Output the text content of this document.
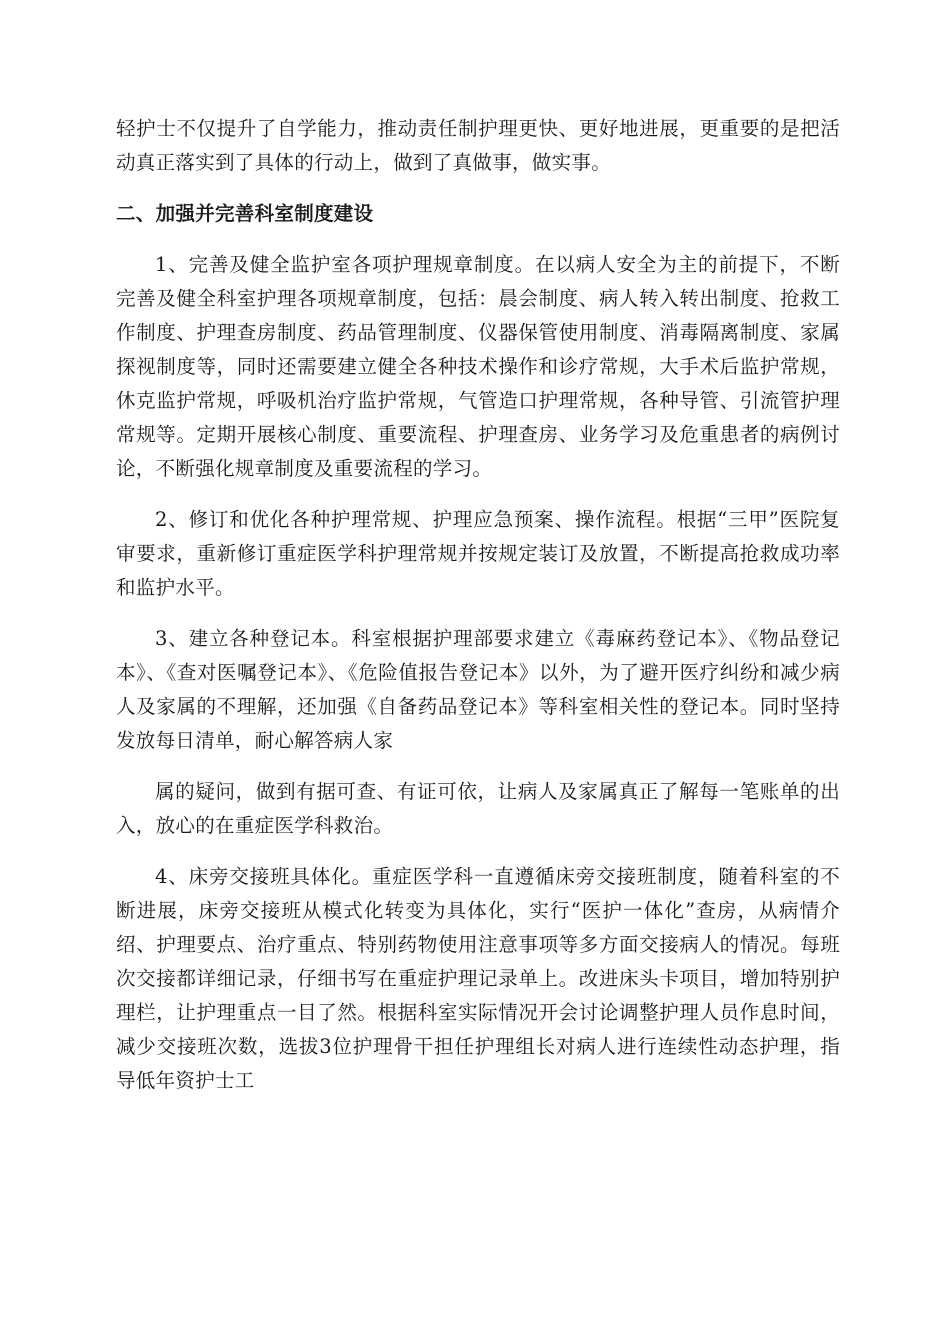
轻护士不仅提升了自学能力，推动责任制护理更快、更好地进展，更重要的是把活动真正落实到了具体的行动上，做到了真做事，做实事。

二、加强并完善科室制度建设

1、完善及健全监护室各项护理规章制度。在以病人安全为主的前提下，不断完善及健全科室护理各项规章制度，包括：晨会制度、病人转入转出制度、抢救工作制度、护理查房制度、药品管理制度、仪器保管使用制度、消毒隔离制度、家属探视制度等，同时还需要建立健全各种技术操作和诊疗常规，大手术后监护常规，休克监护常规，呼吸机治疗监护常规，气管造口护理常规，各种导管、引流管护理常规等。定期开展核心制度、重要流程、护理查房、业务学习及危重患者的病例讨论，不断强化规章制度及重要流程的学习。

2、修订和优化各种护理常规、护理应急预案、操作流程。根据“三甲”医院复审要求，重新修订重症医学科护理常规并按规定装订及放置，不断提高抢救成功率和监护水平。

3、建立各种登记本。科室根据护理部要求建立《毒麻药登记本》、《物品登记本》、《查对医嘱登记本》、《危险值报告登记本》以外，为了避开医疗纠纷和减少病人及家属的不理解，还加强《自备药品登记本》等科室相关性的登记本。同时坚持发放每日清单，耐心解答病人家

属的疑问，做到有据可查、有证可依，让病人及家属真正了解每一笔账单的出入，放心的在重症医学科救治。

4、床旁交接班具体化。重症医学科一直遵循床旁交接班制度，随着科室的不断进展，床旁交接班从模式化转变为具体化，实行“医护一体化”查房，从病情介绍、护理要点、治疗重点、特别药物使用注意事项等多方面交接病人的情况。每班次交接都详细记录，仔细书写在重症护理记录单上。改进床头卡项目，增加特别护理栏，让护理重点一目了然。根据科室实际情况开会讨论调整护理人员作息时间，减少交接班次数，选拔3位护理骨干担任护理组长对病人进行连续性动态护理，指导低年资护士工
